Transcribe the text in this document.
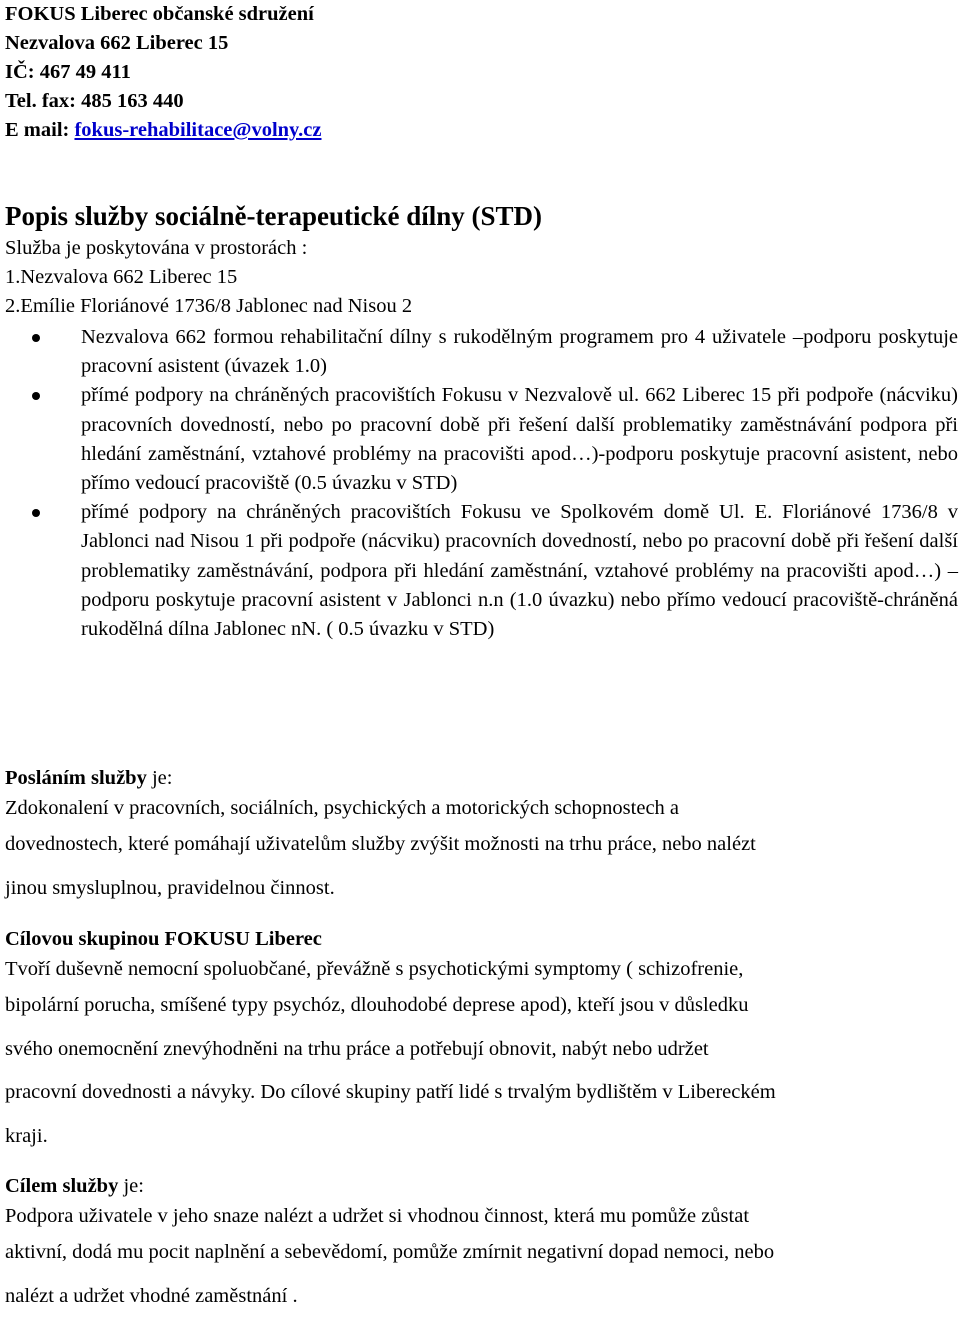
FOKUS Liberec občanské sdružení
Nezvalova 662 Liberec 15
IČ: 467 49 411
Tel. fax: 485 163 440
E mail: fokus-rehabilitace@volny.cz
Popis služby sociálně-terapeutické dílny (STD)
Služba je poskytována v prostorách :
1.Nezvalova 662 Liberec 15
2.Emílie Floriánové 1736/8 Jablonec nad Nisou 2
Nezvalova 662 formou rehabilitační dílny s rukodělným programem pro 4 uživatele –podporu poskytuje pracovní asistent (úvazek 1.0)
přímé podpory na chráněných pracovištích Fokusu v Nezvalově ul. 662 Liberec 15 při podpoře (nácviku) pracovních dovedností, nebo po pracovní době při řešení další problematiky zaměstnávání podpora při hledání zaměstnání, vztahové problémy na pracovišti apod…)-podporu poskytuje pracovní asistent, nebo přímo vedoucí pracoviště (0.5 úvazku v STD)
přímé podpory na chráněných pracovištích Fokusu ve Spolkovém domě Ul. E. Floriánové 1736/8 v Jablonci nad Nisou 1 při podpoře (nácviku) pracovních dovedností, nebo po pracovní době při řešení další problematiky zaměstnávání, podpora při hledání zaměstnání, vztahové problémy na pracovišti apod…) – podporu poskytuje pracovní asistent v Jablonci n.n (1.0 úvazku) nebo přímo vedoucí pracoviště-chráněná rukodělná dílna Jablonec nN. ( 0.5 úvazku v STD)
Posláním služby je:
Zdokonalení v pracovních, sociálních, psychických a motorických schopnostech a
dovednostech, které pomáhají uživatelům služby zvýšit možnosti na trhu práce, nebo nalézt
jinou smysluplnou, pravidelnou činnost.
Cílovou skupinou FOKUSU Liberec
Tvoří duševně nemocní spoluobčané, převážně s psychotickými symptomy ( schizofrenie,
bipolární porucha, smíšené typy psychóz, dlouhodobé deprese apod), kteří jsou v důsledku
svého onemocnění znevýhodněni na trhu práce a potřebují obnovit, nabýt nebo udržet
pracovní dovednosti a návyky. Do cílové skupiny patří lidé s trvalým bydlištěm v Libereckém
kraji.
Cílem služby je:
Podpora uživatele v jeho snaze nalézt a udržet si vhodnou činnost, která mu pomůže zůstat
aktivní, dodá mu pocit naplnění a sebevědomí, pomůže zmírnit negativní dopad nemoci, nebo
nalézt a udržet vhodné zaměstnání .
